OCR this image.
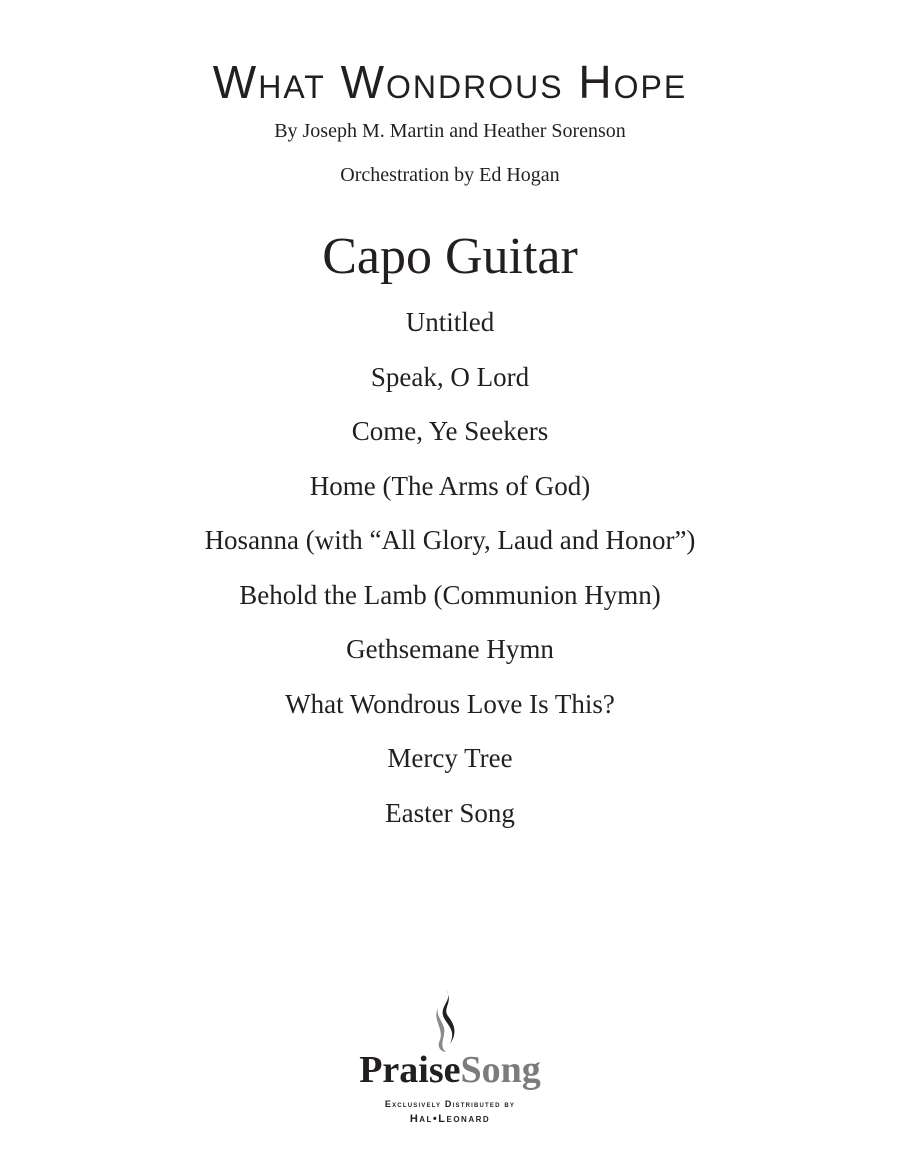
What Wondrous Hope
By Joseph M. Martin and Heather Sorenson
Orchestration by Ed Hogan
Capo Guitar
Untitled
Speak, O Lord
Come, Ye Seekers
Home (The Arms of God)
Hosanna (with “All Glory, Laud and Honor”)
Behold the Lamb (Communion Hymn)
Gethsemane Hymn
What Wondrous Love Is This?
Mercy Tree
Easter Song
PraiseSong
Exclusively Distributed by
Hal•Leonard
